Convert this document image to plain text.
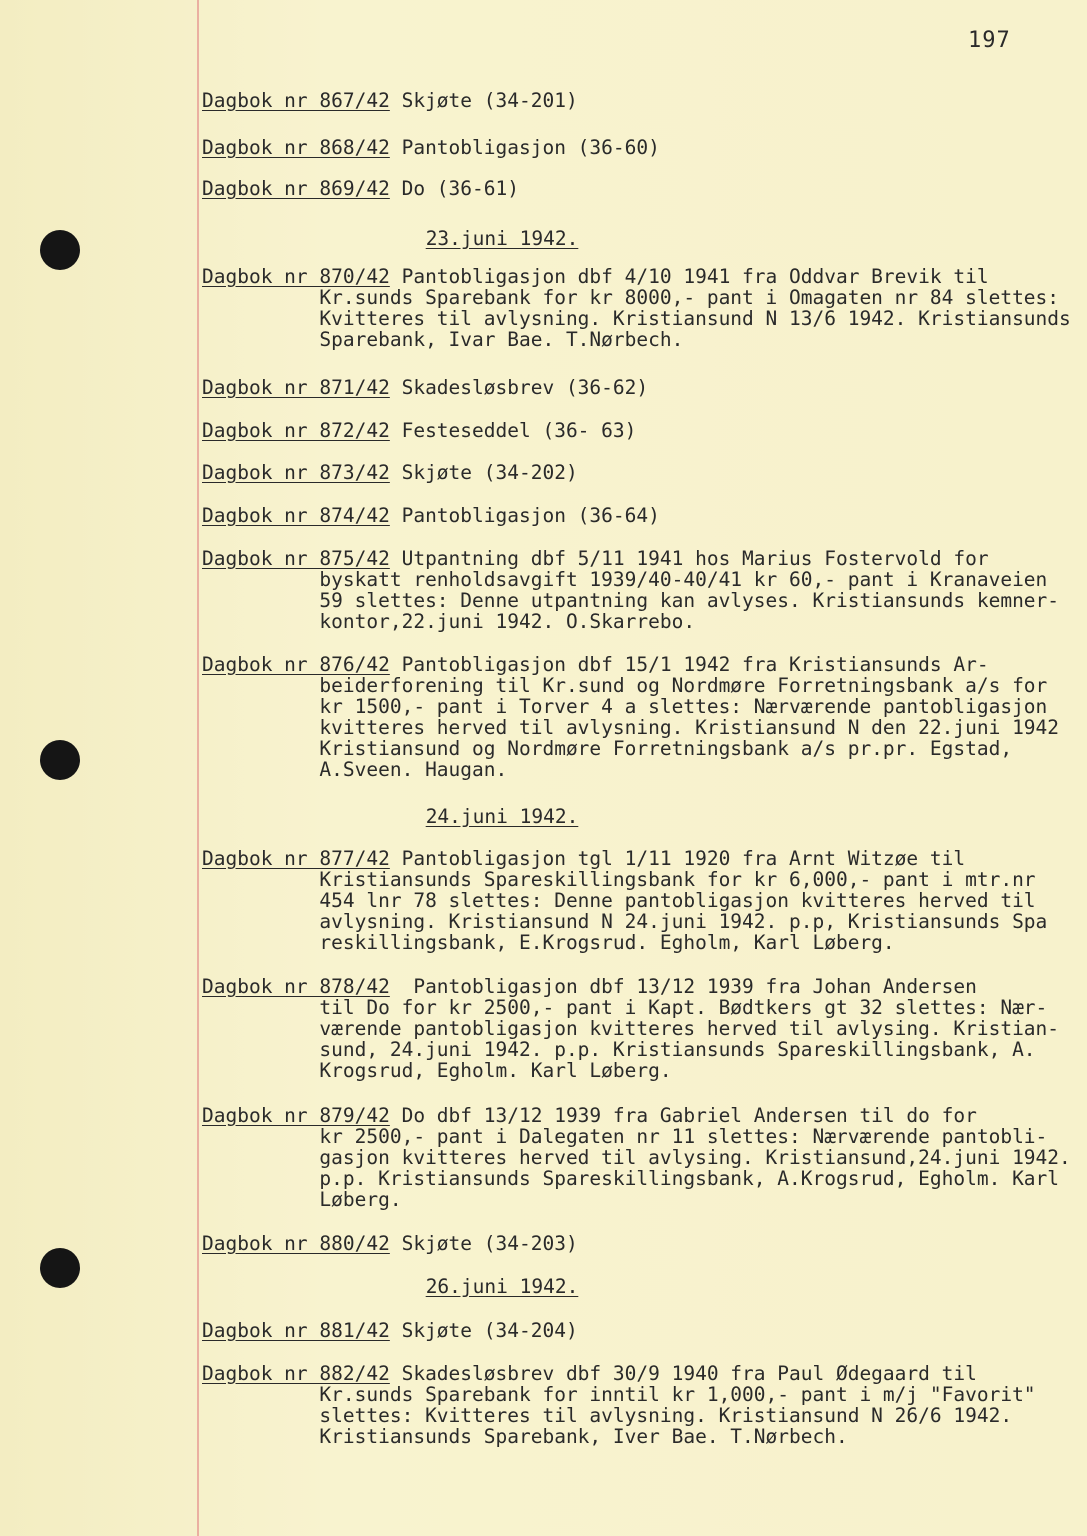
197

Dagbok nr 867/42 Skjøte (34-201)

Dagbok nr 868/42 Pantobligasjon (36-60)

Dagbok nr 869/42 Do (36-61)

23.juni 1942.

Dagbok nr 870/42 Pantobligasjon dbf 4/10 1941 fra Oddvar Brevik til
Kr.sunds Sparebank for kr 8000,- pant i Omagaten nr 84 slettes:
Kvitteres til avlysning. Kristiansund N 13/6 1942. Kristiansunds
Sparebank, Ivar Bae. T.Nørbech.

Dagbok nr 871/42 Skadesløsbrev (36-62)

Dagbok nr 872/42 Festeseddel (36- 63)

Dagbok nr 873/42 Skjøte (34-202)

Dagbok nr 874/42 Pantobligasjon (36-64)

Dagbok nr 875/42 Utpantning dbf 5/11 1941 hos Marius Fostervold for
byskatt renholdsavgift 1939/40-40/41 kr 60,- pant i Kranaveien
59 slettes: Denne utpantning kan avlyses. Kristiansunds kemner-
kontor,22.juni 1942. O.Skarrebo.

Dagbok nr 876/42 Pantobligasjon dbf 15/1 1942 fra Kristiansunds Ar-
beiderforening til Kr.sund og Nordmøre Forretningsbank a/s for
kr 1500,- pant i Torver 4 a slettes: Nærværende pantobligasjon
kvitteres herved til avlysning. Kristiansund N den 22.juni 1942
Kristiansund og Nordmøre Forretningsbank a/s pr.pr. Egstad,
A.Sveen. Haugan.

24.juni 1942.

Dagbok nr 877/42 Pantobligasjon tgl 1/11 1920 fra Arnt Witzøe til
Kristiansunds Spareskillingsbank for kr 6,000,- pant i mtr.nr
454 lnr 78 slettes: Denne pantobligasjon kvitteres herved til
avlysning. Kristiansund N 24.juni 1942. p.p, Kristiansunds Spa
reskillingsbank, E.Krogsrud. Egholm, Karl Løberg.

Dagbok nr 878/42  Pantobligasjon dbf 13/12 1939 fra Johan Andersen
til Do for kr 2500,- pant i Kapt. Bødtkers gt 32 slettes: Nær-
værende pantobligasjon kvitteres herved til avlysing. Kristian-
sund, 24.juni 1942. p.p. Kristiansunds Spareskillingsbank, A.
Krogsrud, Egholm. Karl Løberg.

Dagbok nr 879/42 Do dbf 13/12 1939 fra Gabriel Andersen til do for
kr 2500,- pant i Dalegaten nr 11 slettes: Nærværende pantobli-
gasjon kvitteres herved til avlysing. Kristiansund,24.juni 1942.
p.p. Kristiansunds Spareskillingsbank, A.Krogsrud, Egholm. Karl
Løberg.

Dagbok nr 880/42 Skjøte (34-203)

26.juni 1942.

Dagbok nr 881/42 Skjøte (34-204)

Dagbok nr 882/42 Skadesløsbrev dbf 30/9 1940 fra Paul Ødegaard til
Kr.sunds Sparebank for inntil kr 1,000,- pant i m/j "Favorit"
slettes: Kvitteres til avlysning. Kristiansund N 26/6 1942.
Kristiansunds Sparebank, Iver Bae. T.Nørbech.
